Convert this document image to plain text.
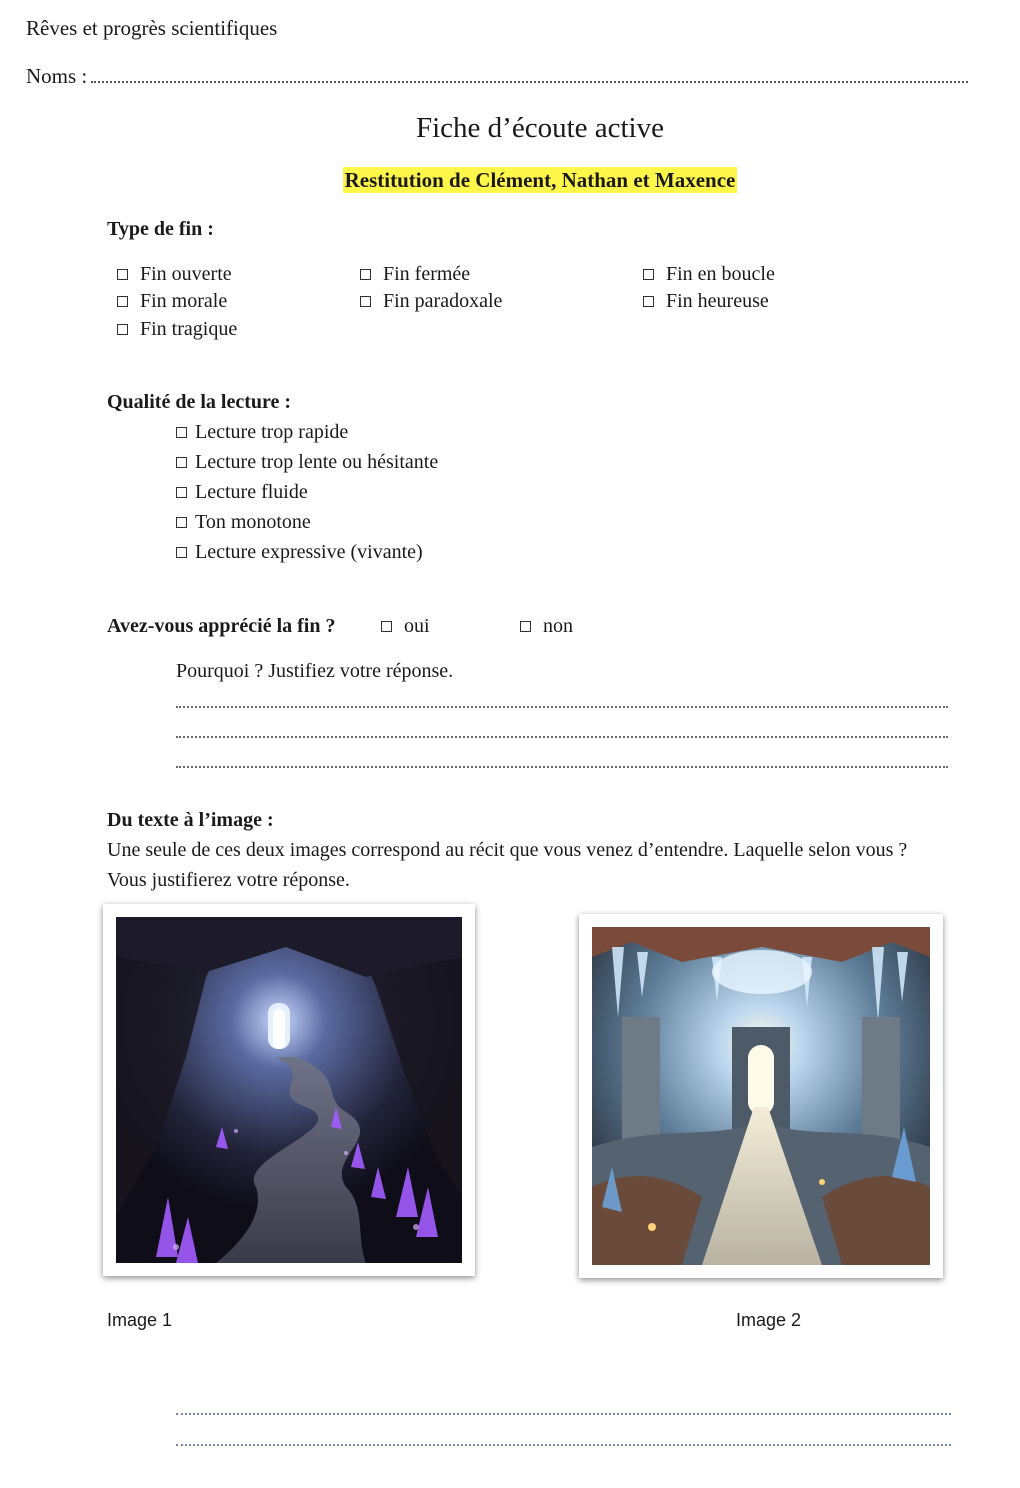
Rêves et progrès scientifiques
Noms :
Fiche d’écoute active
Restitution de Clément, Nathan et Maxence
Type de fin :
Fin ouverte	Fin fermée	Fin en boucle
Fin morale	Fin paradoxale	Fin heureuse
Fin tragique
Qualité de la lecture :
Lecture trop rapide
Lecture trop lente ou hésitante
Lecture fluide
Ton monotone
Lecture expressive (vivante)
Avez-vous apprécié la fin ?	oui	non
Pourquoi ? Justifiez votre réponse.
Du texte à l’image :
Une seule de ces deux images correspond au récit que vous venez d’entendre. Laquelle selon vous ?
Vous justifierez votre réponse.
Image 1	Image 2
